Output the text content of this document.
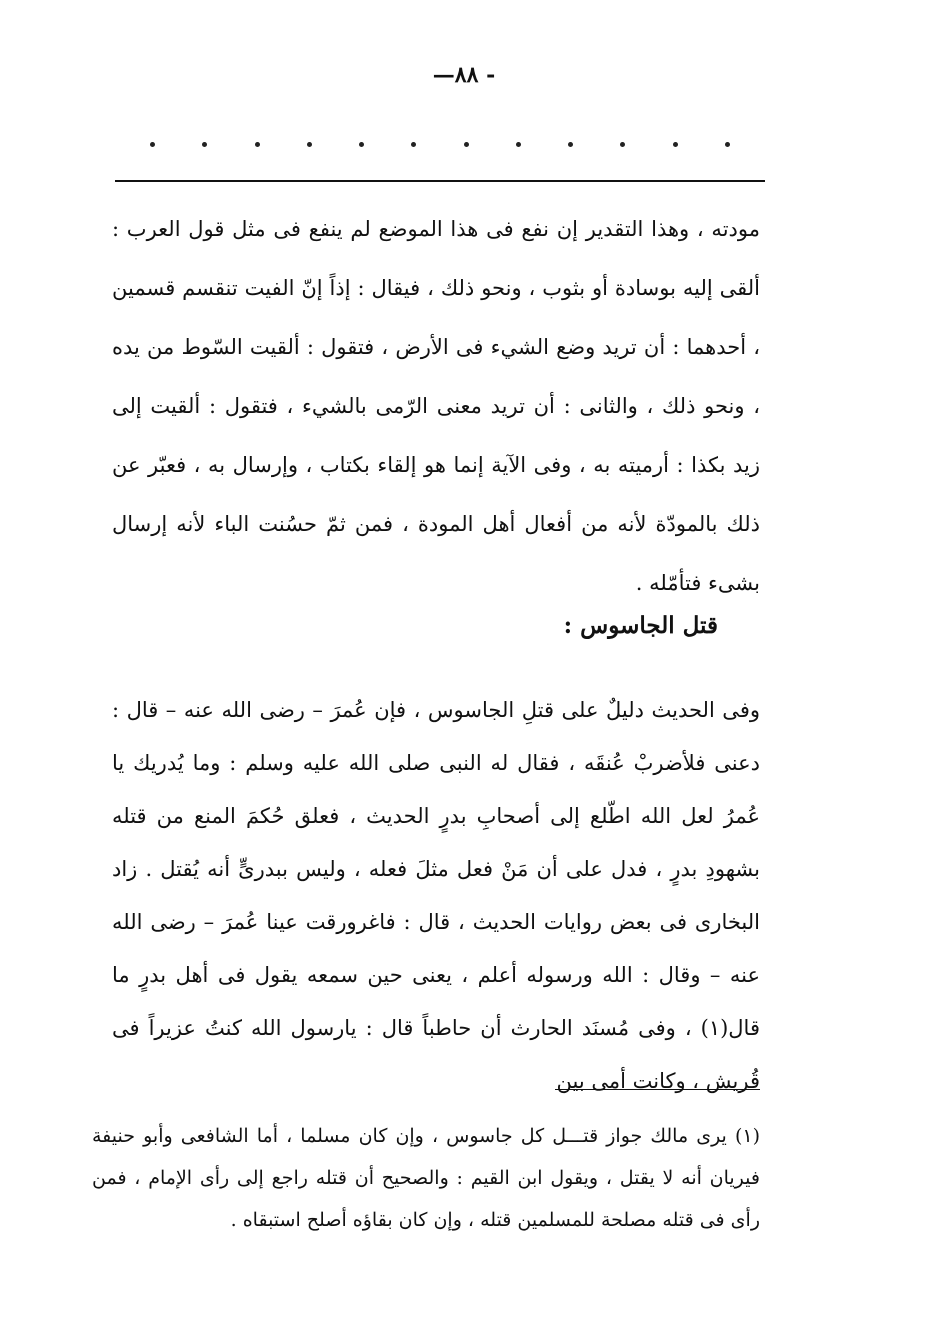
—٨٨ -

مودته ، وهذا التقدير إن نفع فى هذا الموضع لم ينفع فى مثل قول العرب : ألقى إليه بوسادة أو بثوب ، ونحو ذلك ، فيقال : إذاً إنّ الفيت تنقسم قسمين ، أحدهما : أن تريد وضع الشيء فى الأرض ، فتقول : ألقيت السّوط من يده ، ونحو ذلك ، والثانى : أن تريد معنى الرّمى بالشيء ، فتقول : ألقيت إلى زيد بكذا : أرميته به ، وفى الآية إنما هو إلقاء بكتاب ، وإرسال به ، فعبّر عن ذلك بالمودّة لأنه من أفعال أهل المودة ، فمن ثمّ حسُنت الباء لأنه إرسال بشىء فتأمّله .

قتل الجاسوس :

وفى الحديث دليلٌ على قتلِ الجاسوس ، فإن عُمرَ – رضى الله عنه – قال : دعنى فلأضربْ عُنقَه ، فقال له النبى صلى الله عليه وسلم : وما يُدريك يا عُمرُ لعل الله اطّلع إلى أصحابِ بدرٍ الحديث ، فعلق حُكمَ المنع من قتله بشهودِ بدرٍ ، فدل على أن مَنْ فعل مثلَ فعله ، وليس ببدرىٍّ أنه يُقتل . زاد البخارى فى بعض روايات الحديث ، قال : فاغرورقت عينا عُمرَ – رضى الله عنه – وقال : الله ورسوله أعلم ، يعنى حين سمعه يقول فى أهل بدرٍ ما قال(١) ، وفى مُسنَد الحارث أن حاطباً قال : يارسول الله كنتُ عزيراً فى قُريش ، وكانت أمى بين

(١) يرى مالك جواز قتـــل كل جاسوس ، وإن كان مسلما ، أما الشافعى وأبو حنيفة فيريان أنه لا يقتل ، ويقول ابن القيم : والصحيح أن قتله راجع إلى رأى الإمام ، فمن رأى فى قتله مصلحة للمسلمين قتله ، وإن كان بقاؤه أصلح استبقاه .
